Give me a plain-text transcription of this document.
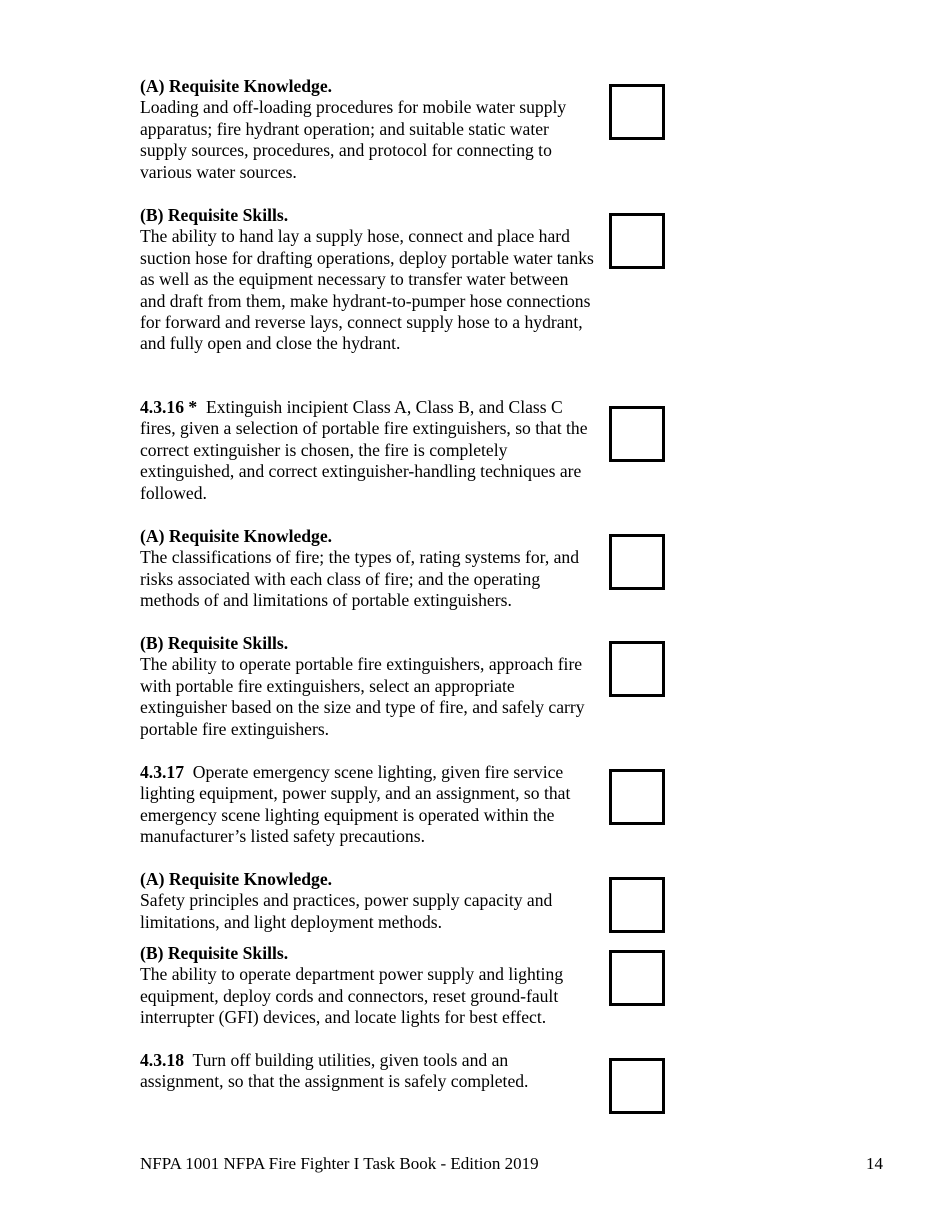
(A) Requisite Knowledge.
Loading and off-loading procedures for mobile water supply apparatus; fire hydrant operation; and suitable static water supply sources, procedures, and protocol for connecting to various water sources.
(B) Requisite Skills.
The ability to hand lay a supply hose, connect and place hard suction hose for drafting operations, deploy portable water tanks as well as the equipment necessary to transfer water between and draft from them, make hydrant-to-pumper hose connections for forward and reverse lays, connect supply hose to a hydrant, and fully open and close the hydrant.
4.3.16 * Extinguish incipient Class A, Class B, and Class C fires, given a selection of portable fire extinguishers, so that the correct extinguisher is chosen, the fire is completely extinguished, and correct extinguisher-handling techniques are followed.
(A) Requisite Knowledge.
The classifications of fire; the types of, rating systems for, and risks associated with each class of fire; and the operating methods of and limitations of portable extinguishers.
(B) Requisite Skills.
The ability to operate portable fire extinguishers, approach fire with portable fire extinguishers, select an appropriate extinguisher based on the size and type of fire, and safely carry portable fire extinguishers.
4.3.17 Operate emergency scene lighting, given fire service lighting equipment, power supply, and an assignment, so that emergency scene lighting equipment is operated within the manufacturer’s listed safety precautions.
(A) Requisite Knowledge.
Safety principles and practices, power supply capacity and limitations, and light deployment methods.
(B) Requisite Skills.
The ability to operate department power supply and lighting equipment, deploy cords and connectors, reset ground-fault interrupter (GFI) devices, and locate lights for best effect.
4.3.18 Turn off building utilities, given tools and an assignment, so that the assignment is safely completed.
NFPA 1001 NFPA Fire Fighter I Task Book - Edition 2019	14
